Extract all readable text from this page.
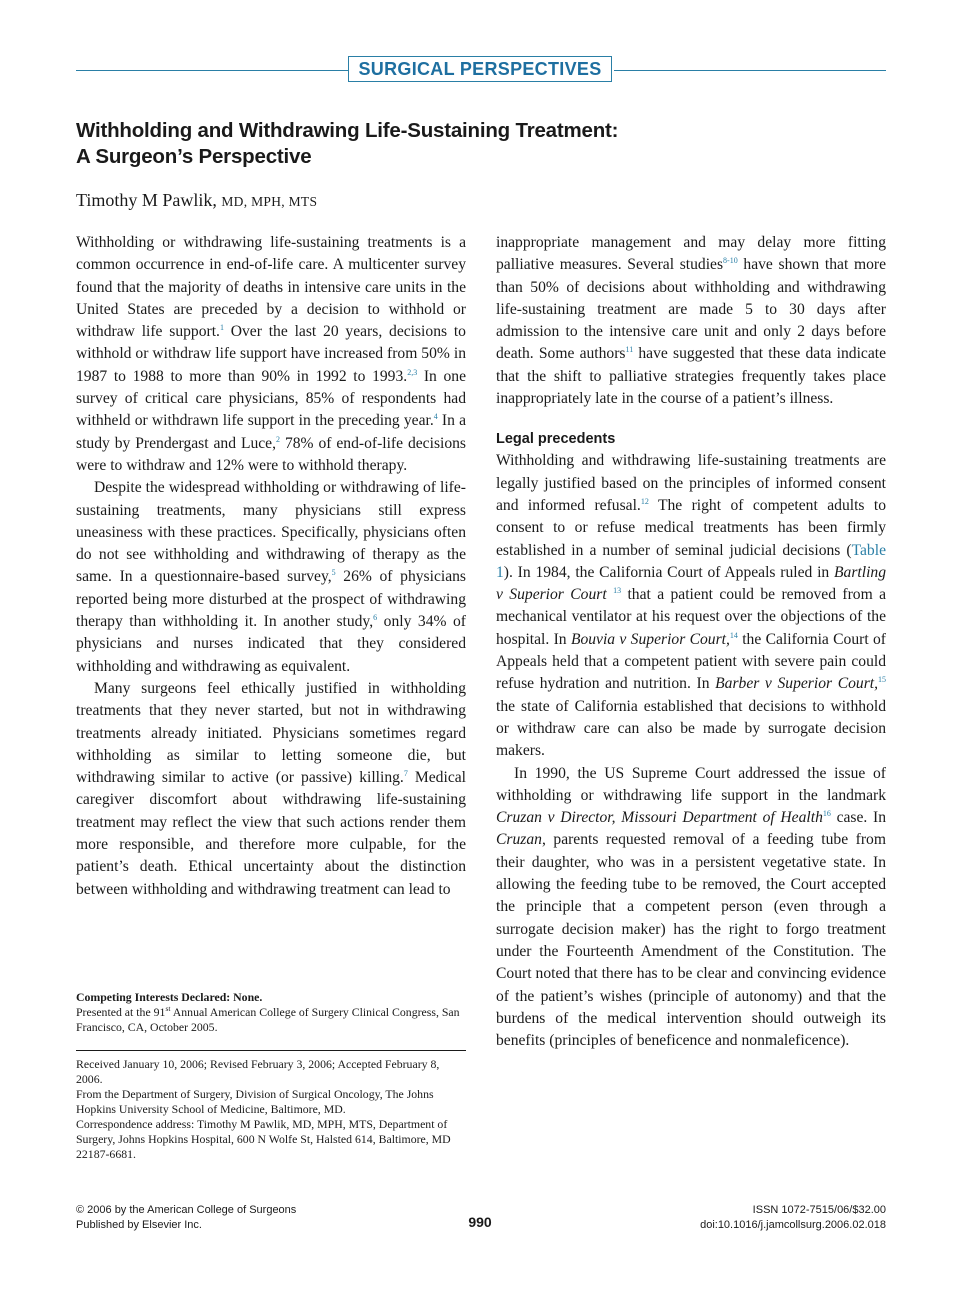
SURGICAL PERSPECTIVES
Withholding and Withdrawing Life-Sustaining Treatment:
A Surgeon’s Perspective
Timothy M Pawlik, MD, MPH, MTS

Withholding or withdrawing life-sustaining treatments is a common occurrence in end-of-life care. A multicenter survey found that the majority of deaths in intensive care units in the United States are preceded by a decision to withhold or withdraw life support.$^1$ Over the last 20 years, decisions to withhold or withdraw life support have increased from 50% in 1987 to 1988 to more than 90% in 1992 to 1993.$^{2,3}$ In one survey of critical care physicians, 85% of respondents had withheld or withdrawn life support in the preceding year.$^4$ In a study by Prendergast and Luce,$^2$ 78% of end-of-life decisions were to withdraw and 12% were to withhold therapy.

Despite the widespread withholding or withdrawing of life-sustaining treatments, many physicians still express uneasiness with these practices. Specifically, physicians often do not see withholding and withdrawing of therapy as the same. In a questionnaire-based survey,$^5$ 26% of physicians reported being more disturbed at the prospect of withdrawing therapy than withholding it. In another study,$^6$ only 34% of physicians and nurses indicated that they considered withholding and withdrawing as equivalent.

Many surgeons feel ethically justified in withholding treatments that they never started, but not in withdrawing treatments already initiated. Physicians sometimes regard withholding as similar to letting someone die, but withdrawing similar to active (or passive) killing.$^7$ Medical caregiver discomfort about withdrawing life-sustaining treatment may reflect the view that such actions render them more responsible, and therefore more culpable, for the patient’s death. Ethical uncertainty about the distinction between withholding and withdrawing treatment can lead to

Competing Interests Declared: None.

Presented at the 91st Annual American College of Surgery Clinical Congress, San Francisco, CA, October 2005.

Received January 10, 2006; Revised February 3, 2006; Accepted February 8, 2006.

From the Department of Surgery, Division of Surgical Oncology, The Johns Hopkins University School of Medicine, Baltimore, MD.

Correspondence address: Timothy M Pawlik, MD, MPH, MTS, Department of Surgery, Johns Hopkins Hospital, 600 N Wolfe St, Halsted 614, Baltimore, MD 22187-6681.

inappropriate management and may delay more fitting palliative measures. Several studies$^{8-10}$ have shown that more than 50% of decisions about withholding and withdrawing life-sustaining treatment are made 5 to 30 days after admission to the intensive care unit and only 2 days before death. Some authors$^{11}$ have suggested that these data indicate that the shift to palliative strategies frequently takes place inappropriately late in the course of a patient’s illness.

Legal precedents

Withholding and withdrawing life-sustaining treatments are legally justified based on the principles of informed consent and informed refusal.$^{12}$ The right of competent adults to consent to or refuse medical treatments has been firmly established in a number of seminal judicial decisions (Table 1). In 1984, the California Court of Appeals ruled in Bartling v Superior Court $^{13}$ that a patient could be removed from a mechanical ventilator at his request over the objections of the hospital. In Bouvia v Superior Court,$^{14}$ the California Court of Appeals held that a competent patient with severe pain could refuse hydration and nutrition. In Barber v Superior Court,$^{15}$ the state of California established that decisions to withhold or withdraw care can also be made by surrogate decision makers.

In 1990, the US Supreme Court addressed the issue of withholding or withdrawing life support in the landmark Cruzan v Director, Missouri Department of Health$^{16}$ case. In Cruzan, parents requested removal of a feeding tube from their daughter, who was in a persistent vegetative state. In allowing the feeding tube to be removed, the Court accepted the principle that a competent person (even through a surrogate decision maker) has the right to forgo treatment under the Fourteenth Amendment of the Constitution. The Court noted that there has to be clear and convincing evidence of the patient’s wishes (principle of autonomy) and that the burdens of the medical intervention should outweigh its benefits (principles of beneficence and nonmaleficence).

© 2006 by the American College of Surgeons
Published by Elsevier Inc.	990
ISSN 1072-7515/06/$32.00
doi:10.1016/j.jamcollsurg.2006.02.018
